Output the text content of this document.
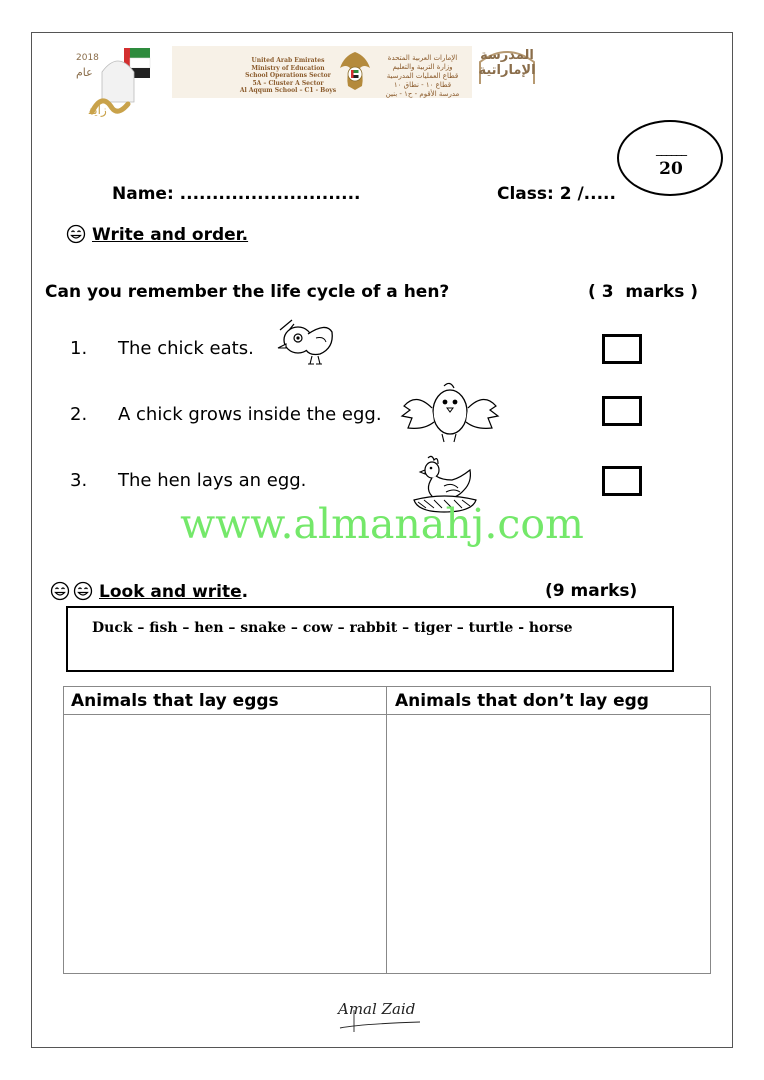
2018
عام
زايد
United Arab Emirates
Ministry of Education
School Operations Sector
5A – Cluster A Sector
Al Aqqum School – C1 - Boys
الإمارات العربية المتحدة
وزارة التربية والتعليم
قطاع العمليات المدرسية
قطاع ١٠ - نطاق ١٠
مدرسة الأقوم - ح١ - بنين
المدرسة
الإماراتية
______
20
Name: ............................	Class: 2 /.....
Write and order.
Can you remember the life cycle of a hen?	( 3  marks )
1. The chick eats.
2. A chick grows inside the egg.
3. The hen lays an egg.
www.almanahj.com
Look and write.	(9 marks)
Duck – fish – hen – snake – cow – rabbit – tiger – turtle - horse
Animals that lay eggs	Animals that don’t lay egg
Amal Zaid
